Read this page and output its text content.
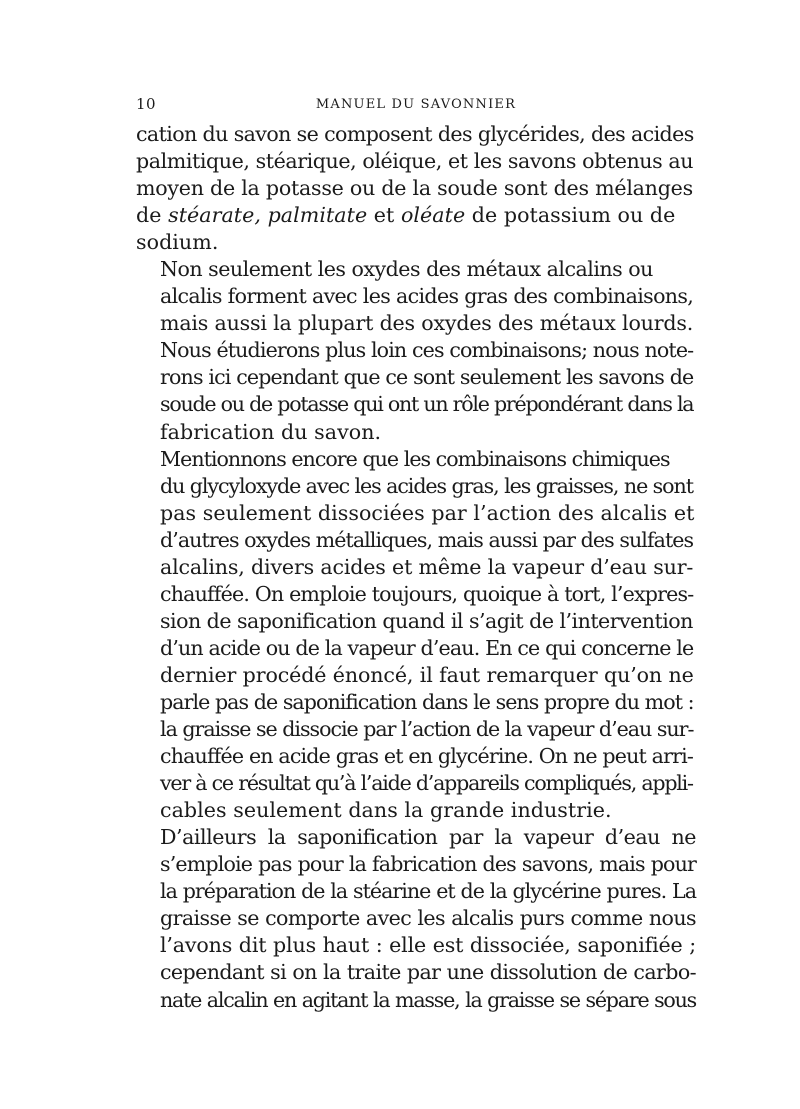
10	MANUEL DU SAVONNIER

cation du savon se composent des glycérides, des acides
palmitique, stéarique, oléique, et les savons obtenus au
moyen de la potasse ou de la soude sont des mélanges
de stéarate, palmitate et oléate de potassium ou de
sodium.

Non seulement les oxydes des métaux alcalins ou
alcalis forment avec les acides gras des combinaisons,
mais aussi la plupart des oxydes des métaux lourds.
Nous étudierons plus loin ces combinaisons; nous note-
rons ici cependant que ce sont seulement les savons de
soude ou de potasse qui ont un rôle prépondérant dans la
fabrication du savon.

Mentionnons encore que les combinaisons chimiques
du glycyloxyde avec les acides gras, les graisses, ne sont
pas seulement dissociées par l’action des alcalis et
d’autres oxydes métalliques, mais aussi par des sulfates
alcalins, divers acides et même la vapeur d’eau sur-
chauffée. On emploie toujours, quoique à tort, l’expres-
sion de saponification quand il s’agit de l’intervention
d’un acide ou de la vapeur d’eau. En ce qui concerne le
dernier procédé énoncé, il faut remarquer qu’on ne
parle pas de saponification dans le sens propre du mot :
la graisse se dissocie par l’action de la vapeur d’eau sur-
chauffée en acide gras et en glycérine. On ne peut arri-
ver à ce résultat qu’à l’aide d’appareils compliqués, appli-
cables seulement dans la grande industrie.

D’ailleurs la saponification par la vapeur d’eau ne
s’emploie pas pour la fabrication des savons, mais pour
la préparation de la stéarine et de la glycérine pures. La
graisse se comporte avec les alcalis purs comme nous
l’avons dit plus haut : elle est dissociée, saponifiée ;
cependant si on la traite par une dissolution de carbo-
nate alcalin en agitant la masse, la graisse se sépare sous
